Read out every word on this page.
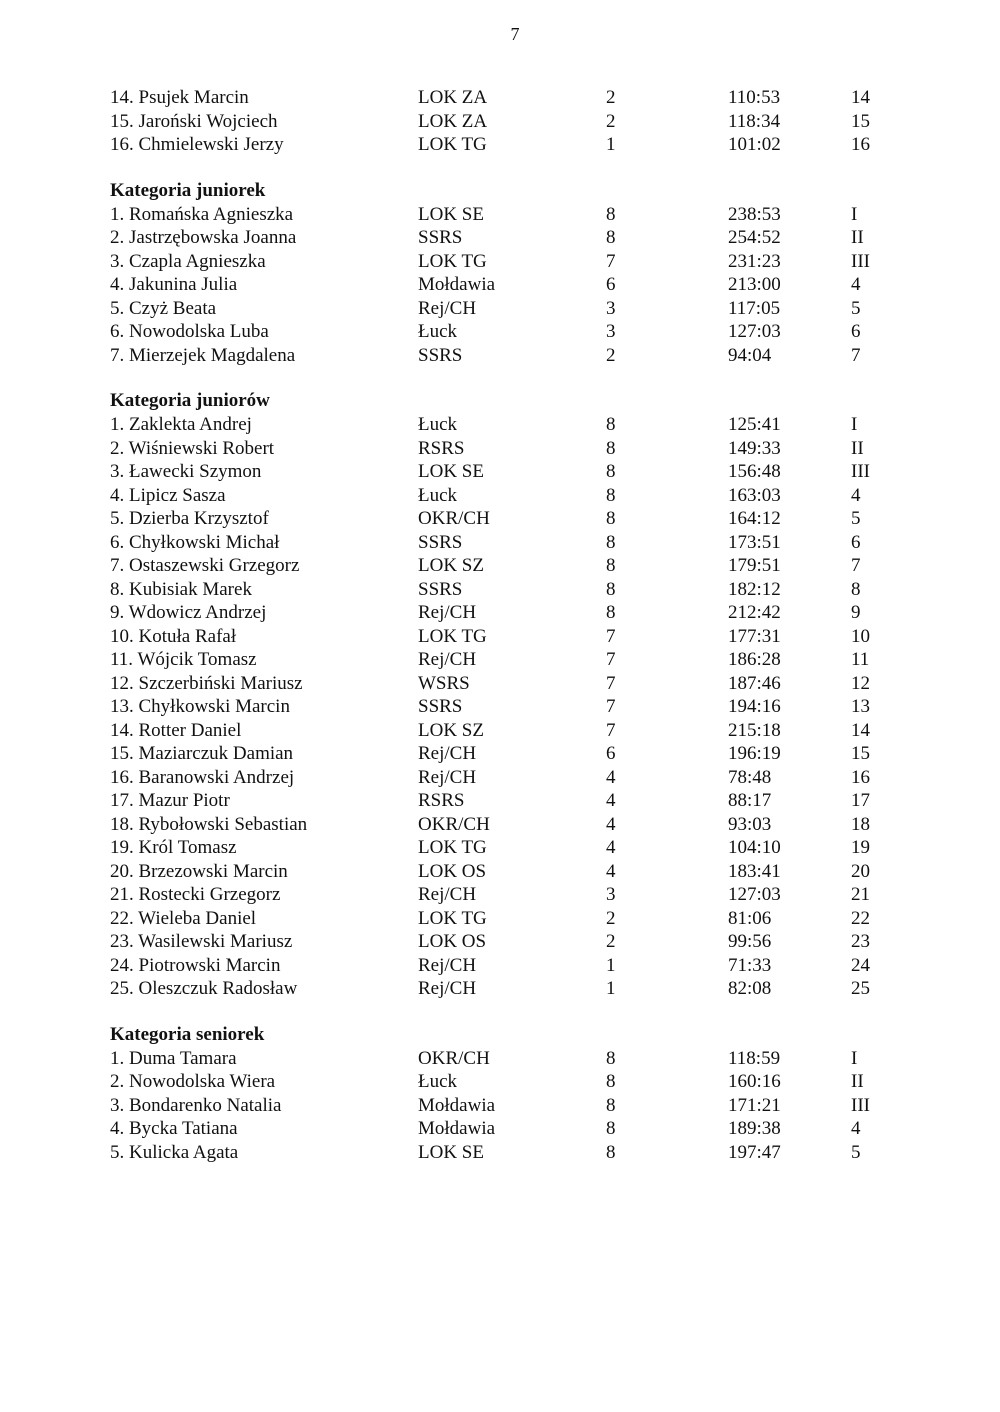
7
14. Psujek Marcin	LOK ZA	2	110:53	14
15. Jaroński Wojciech	LOK ZA	2	118:34	15
16. Chmielewski Jerzy	LOK TG	1	101:02	16
Kategoria juniorek
1. Romańska Agnieszka	LOK SE	8	238:53	I
2. Jastrzębowska Joanna	SSRS	8	254:52	II
3. Czapla Agnieszka	LOK TG	7	231:23	III
4. Jakunina Julia	Mołdawia	6	213:00	4
5. Czyż Beata	Rej/CH	3	117:05	5
6. Nowodolska Luba	Łuck	3	127:03	6
7. Mierzejek Magdalena	SSRS	2	94:04	7
Kategoria juniorów
1. Zaklekta Andrej	Łuck	8	125:41	I
2. Wiśniewski Robert	RSRS	8	149:33	II
3. Ławecki Szymon	LOK SE	8	156:48	III
4. Lipicz Sasza	Łuck	8	163:03	4
5. Dzierba Krzysztof	OKR/CH	8	164:12	5
6. Chyłkowski Michał	SSRS	8	173:51	6
7. Ostaszewski Grzegorz	LOK SZ	8	179:51	7
8. Kubisiak Marek	SSRS	8	182:12	8
9. Wdowicz Andrzej	Rej/CH	8	212:42	9
10. Kotuła Rafał	LOK TG	7	177:31	10
11. Wójcik Tomasz	Rej/CH	7	186:28	11
12. Szczerbiński Mariusz	WSRS	7	187:46	12
13. Chyłkowski Marcin	SSRS	7	194:16	13
14. Rotter Daniel	LOK SZ	7	215:18	14
15. Maziarczuk Damian	Rej/CH	6	196:19	15
16. Baranowski Andrzej	Rej/CH	4	78:48	16
17. Mazur Piotr	RSRS	4	88:17	17
18. Rybołowski Sebastian	OKR/CH	4	93:03	18
19. Król Tomasz	LOK TG	4	104:10	19
20. Brzezowski Marcin	LOK OS	4	183:41	20
21. Rostecki Grzegorz	Rej/CH	3	127:03	21
22. Wieleba Daniel	LOK TG	2	81:06	22
23. Wasilewski Mariusz	LOK OS	2	99:56	23
24. Piotrowski Marcin	Rej/CH	1	71:33	24
25. Oleszczuk Radosław	Rej/CH	1	82:08	25
Kategoria seniorek
1. Duma Tamara	OKR/CH	8	118:59	I
2. Nowodolska Wiera	Łuck	8	160:16	II
3. Bondarenko Natalia	Mołdawia	8	171:21	III
4. Bycka Tatiana	Mołdawia	8	189:38	4
5. Kulicka Agata	LOK SE	8	197:47	5
